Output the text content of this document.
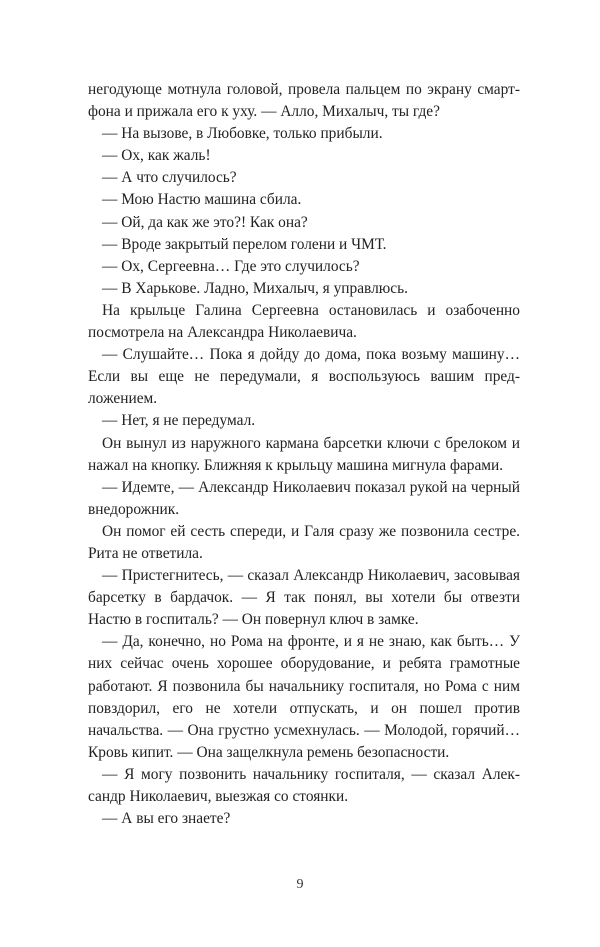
негодующе мотнула головой, провела пальцем по экрану смартфона и прижала его к уху. — Алло, Михалыч, ты где?

— На вызове, в Любовке, только прибыли.

— Ох, как жаль!

— А что случилось?

— Мою Настю машина сбила.

— Ой, да как же это?! Как она?

— Вроде закрытый перелом голени и ЧМТ.

— Ох, Сергеевна… Где это случилось?

— В Харькове. Ладно, Михалыч, я управлюсь.

На крыльце Галина Сергеевна остановилась и озабоченно посмотрела на Александра Николаевича.

— Слушайте… Пока я дойду до дома, пока возьму машину… Если вы еще не передумали, я воспользуюсь вашим предложением.

— Нет, я не передумал.

Он вынул из наружного кармана барсетки ключи с брелоком и нажал на кнопку. Ближняя к крыльцу машина мигнула фарами.

— Идемте, — Александр Николаевич показал рукой на черный внедорожник.

Он помог ей сесть спереди, и Галя сразу же позвонила сестре. Рита не ответила.

— Пристегнитесь, — сказал Александр Николаевич, засовывая барсетку в бардачок. — Я так понял, вы хотели бы отвезти Настю в госпиталь? — Он повернул ключ в замке.

— Да, конечно, но Рома на фронте, и я не знаю, как быть… У них сейчас очень хорошее оборудование, и ребята грамотные работают. Я позвонила бы начальнику госпиталя, но Рома с ним повздорил, его не хотели отпускать, и он пошел против начальства. — Она грустно усмехнулась. — Молодой, горячий… Кровь кипит. — Она защелкнула ремень безопасности.

— Я могу позвонить начальнику госпиталя, — сказал Александр Николаевич, выезжая со стоянки.

— А вы его знаете?

9
